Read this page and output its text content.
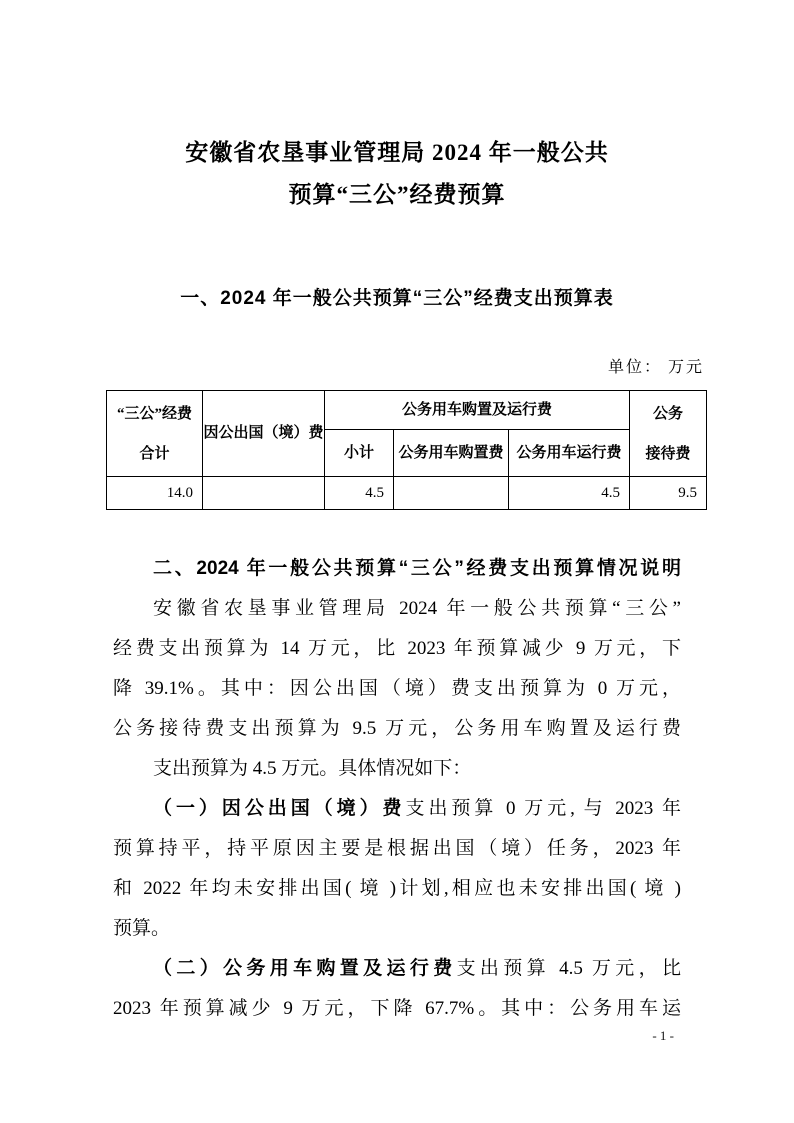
安徽省农垦事业管理局 2024 年一般公共
预算“三公”经费预算
一、2024 年一般公共预算“三公”经费支出预算表
单位： 万元
“三公”经费
合计	因公出国（境）费	公务用车购置及运行费			公务
接待费

		小计	公务用车购置费	公务用车运行费	
14.0		4.5		4.5	9.5
二、2024 年一般公共预算“三公”经费支出预算情况说明
安徽省农垦事业管理局 2024 年一般公共预算“三公”
经费支出预算为 14 万元，比 2023 年预算减少 9 万元，下
降 39.1%。其中：因公出国（境）费支出预算为 0 万元，
公务接待费支出预算为 9.5 万元，公务用车购置及运行费
支出预算为 4.5 万元。具体情况如下：
（一）因公出国（境）费支出预算 0 万元, 与 2023 年
预算持平，持平原因主要是根据出国（境）任务，2023 年
和 2022 年均未安排出国( 境 )计划,相应也未安排出国( 境 )
预算。
（二）公务用车购置及运行费支出预算 4.5 万元，比
2023 年预算减少 9 万元，下降 67.7%。其中：公务用车运
- 1 -
